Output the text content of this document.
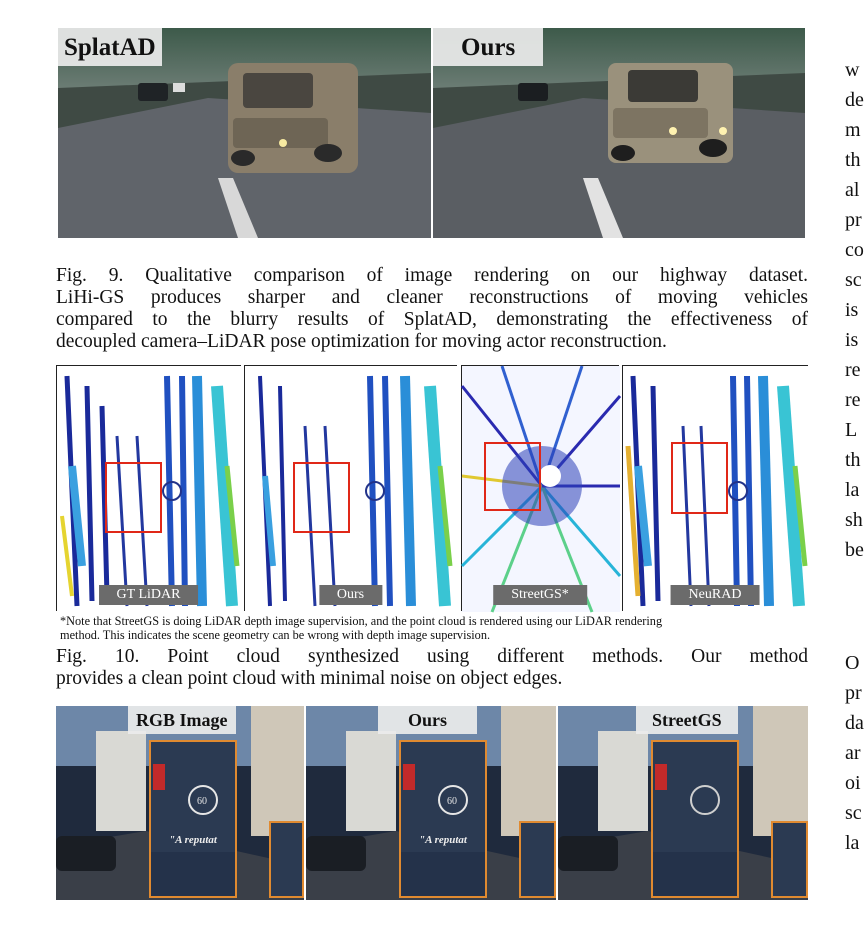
SplatAD	Ours
Fig. 9. Qualitative comparison of image rendering on our highway dataset.
LiHi-GS produces sharper and cleaner reconstructions of moving vehicles
compared to the blurry results of SplatAD, demonstrating the effectiveness of
decoupled camera–LiDAR pose optimization for moving actor reconstruction.
GT LiDAR	Ours	StreetGS*	NeuRAD
*Note that StreetGS is doing LiDAR depth image supervision, and the point cloud is rendered using our LiDAR rendering
method. This indicates the scene geometry can be wrong with depth image supervision.
Fig. 10. Point cloud synthesized using different methods. Our method
provides a clean point cloud with minimal noise on object edges.
60
"A reputat
RGB Image
60
"A reputat
Ours	StreetGS
w
de
m
th
al
pr
co
sc
is
is
re
re
L
th
la
sh
be
O
pr
da
ar
oi
sc
la
